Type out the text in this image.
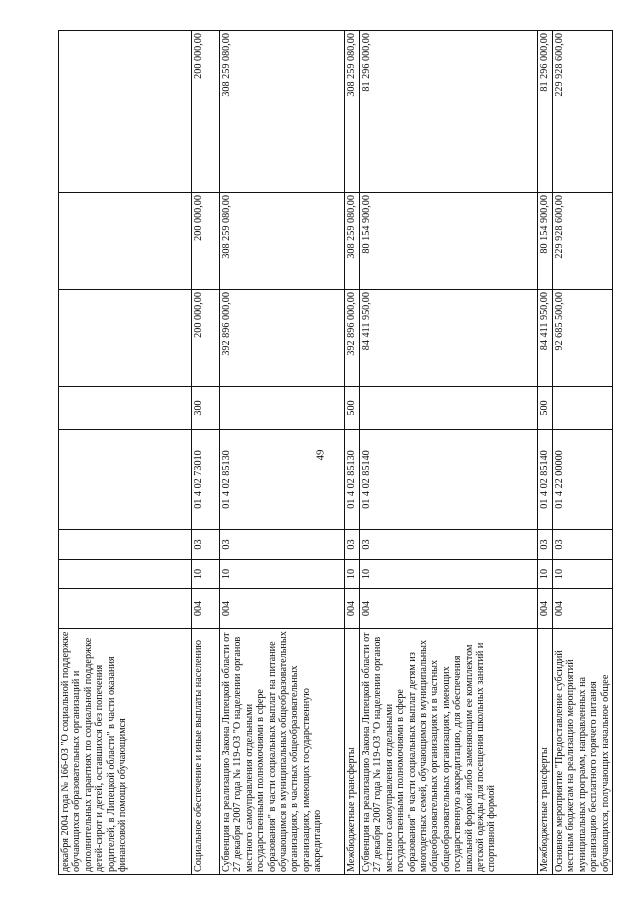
49
декабря 2004 года № 166-ОЗ "О социальной поддержке обучающихся образовательных организаций и дополнительных гарантиях по социальной поддержке детей-сирот и детей, оставшихся без попечения родителей, в Липецкой области" в части оказания финансовой помощи обучающимся								
Социальное обеспечение и иные выплаты населению	004	10	03	01 4 02 73010	300	200 000,00	200 000,00	200 000,00
Субвенция на реализацию Закона Липецкой области от 27 декабря 2007 года № 119-ОЗ "О наделении органов местного самоуправления отдельными государственными полномочиями в сфере образования" в части социальных выплат на питание обучающимся в муниципальных общеобразовательных организациях, в частных общеобразовательных организациях, имеющих государственную аккредитацию	004	10	03	01 4 02 85130		392 896 000,00	308 259 080,00	308 259 080,00
Межбюджетные трансферты	004	10	03	01 4 02 85130	500	392 896 000,00	308 259 080,00	308 259 080,00
Субвенция на реализацию Закона Липецкой области от 27 декабря 2007 года № 119-ОЗ "О наделении органов местного самоуправления отдельными государственными полномочиями в сфере образования" в части социальных выплат детям из многодетных семей, обучающимся в муниципальных общеобразовательных организациях и в частных общеобразовательных организациях, имеющих государственную аккредитацию, для обеспечения школьной формой либо заменяющим ее комплектом детской одежды для посещения школьных занятий и спортивной формой	004	10	03	01 4 02 85140		84 411 950,00	80 154 900,00	81 296 000,00
Межбюджетные трансферты	004	10	03	01 4 02 85140	500	84 411 950,00	80 154 900,00	81 296 000,00
Основное мероприятие "Предоставление субсидий местным бюджетам на реализацию мероприятий муниципальных программ, направленных на организацию бесплатного горячего питания обучающихся, получающих начальное общее	004	10	03	01 4 22 00000		92 685 500,00	229 928 600,00	229 928 600,00
